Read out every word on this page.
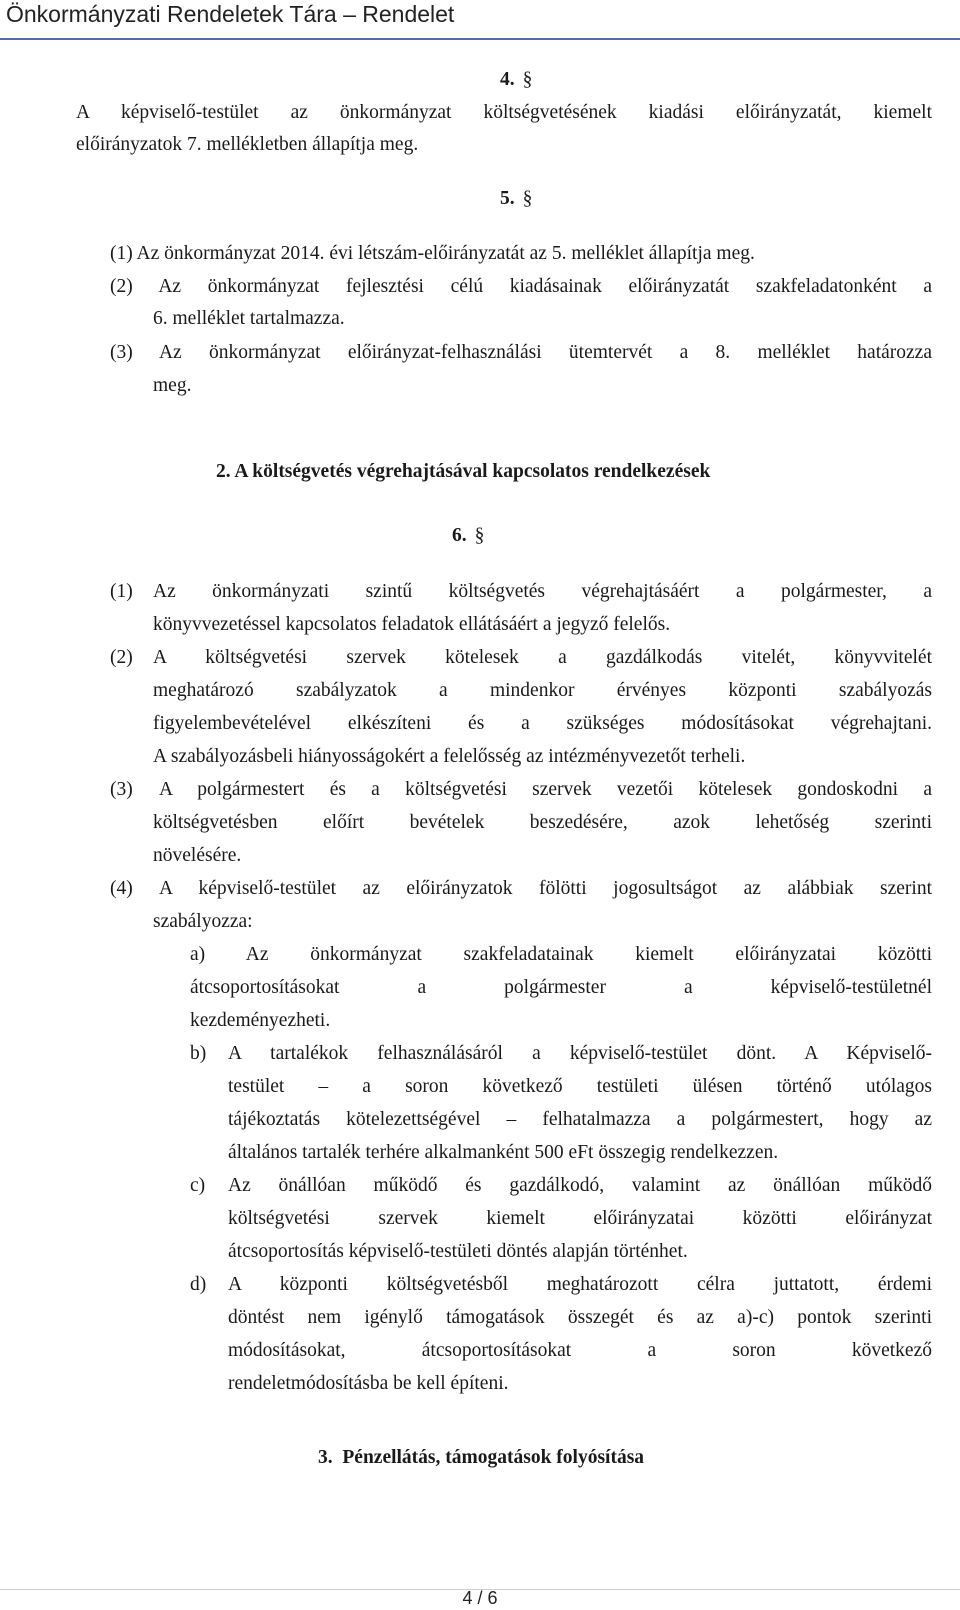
Önkormányzati Rendeletek Tára – Rendelet
4. §
A képviselő-testület az önkormányzat költségvetésének kiadási előirányzatát, kiemelt
előirányzatok 7. mellékletben állapítja meg.
5. §
(1) Az önkormányzat 2014. évi létszám-előirányzatát az 5. melléklet állapítja meg.
(2) Az önkormányzat fejlesztési célú kiadásainak előirányzatát szakfeladatonként a
6. melléklet tartalmazza.
(3) Az önkormányzat előirányzat-felhasználási ütemtervét a 8. melléklet határozza
meg.
2. A költségvetés végrehajtásával kapcsolatos rendelkezések
6. §
(1) Az önkormányzati szintű költségvetés végrehajtásáért a polgármester, a
könyvvezetéssel kapcsolatos feladatok ellátásáért a jegyző felelős.
(2) A költségvetési szervek kötelesek a gazdálkodás vitelét, könyvvitelét
meghatározó szabályzatok a mindenkor érvényes központi szabályozás
figyelembevételével elkészíteni és a szükséges módosításokat végrehajtani.
A szabályozásbeli hiányosságokért a felelősség az intézményvezetőt terheli.
(3) A polgármestert és a költségvetési szervek vezetői kötelesek gondoskodni a
költségvetésben előírt bevételek beszedésére, azok lehetőség szerinti
növelésére.
(4) A képviselő-testület az előirányzatok fölötti jogosultságot az alábbiak szerint
szabályozza:
a) Az önkormányzat szakfeladatainak kiemelt előirányzatai közötti
átcsoportosításokat a polgármester a képviselő-testületnél
kezdeményezheti.
b) A tartalékok felhasználásáról a képviselő-testület dönt. A Képviselő-
testület – a soron következő testületi ülésen történő utólagos
tájékoztatás kötelezettségével – felhatalmazza a polgármestert, hogy az
általános tartalék terhére alkalmanként 500 eFt összegig rendelkezzen.
c) Az önállóan működő és gazdálkodó, valamint az önállóan működő
költségvetési szervek kiemelt előirányzatai közötti előirányzat
átcsoportosítás képviselő-testületi döntés alapján történhet.
d) A központi költségvetésből meghatározott célra juttatott, érdemi
döntést nem igénylő támogatások összegét és az a)-c) pontok szerinti
módosításokat, átcsoportosításokat a soron következő
rendeletmódosításba be kell építeni.
3.  Pénzellátás, támogatások folyósítása
4 / 6
